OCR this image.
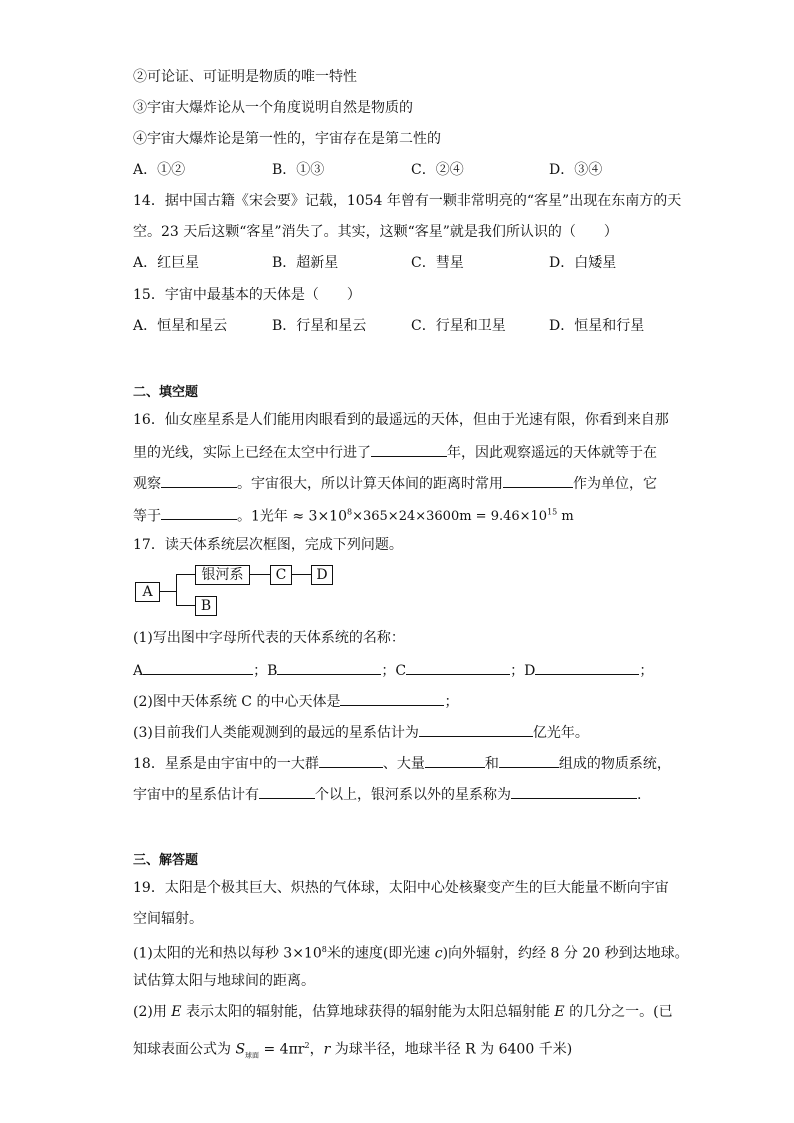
②可论证、可证明是物质的唯一特性
③宇宙大爆炸论从一个角度说明自然是物质的
④宇宙大爆炸论是第一性的，宇宙存在是第二性的
A．①②	B．①③	C．②④	D．③④
14．据中国古籍《宋会要》记载，1054 年曾有一颗非常明亮的“客星”出现在东南方的天
空。23 天后这颗“客星”消失了。其实，这颗“客星”就是我们所认识的（　　）
A．红巨星	B．超新星	C．彗星	D．白矮星
15．宇宙中最基本的天体是（　　）
A．恒星和星云	B．行星和星云	C．行星和卫星	D．恒星和行星
二、填空题
16．仙女座星系是人们能用肉眼看到的最遥远的天体，但由于光速有限，你看到来自那
里的光线，实际上已经在太空中行进了	年，因此观察遥远的天体就等于在
观察	。宇宙很大，所以计算天体间的距离时常用	作为单位，它
等于	。1光年 ≈ $3\times 10^8\times 365\times 24\times 3600m = 9.46\times 10^{15}$ m
17．读天体系统层次框图，完成下列问题。
A
银河系	C	D
B
(1)写出图中字母所代表的天体系统的名称：
A	；B	；C	；D	；
(2)图中天体系统 C 的中心天体是	；
(3)目前我们人类能观测到的最远的星系估计为	亿光年。
18．星系是由宇宙中的一大群	、大量	和	组成的物质系统，
宇宙中的星系估计有	个以上，银河系以外的星系称为	.
三、解答题
19．太阳是个极其巨大、炽热的气体球，太阳中心处核聚变产生的巨大能量不断向宇宙
空间辐射。
(1)太阳的光和热以每秒 $3\times 10^8$米的速度(即光速 c)向外辐射，约经 8 分 20 秒到达地球。
试估算太阳与地球间的距离。
(2)用 E 表示太阳的辐射能，估算地球获得的辐射能为太阳总辐射能 E 的几分之一。(已
知球表面公式为 $S_{球面} = 4\pi r^2$，r 为球半径，地球半径 R 为 6400 千米)
